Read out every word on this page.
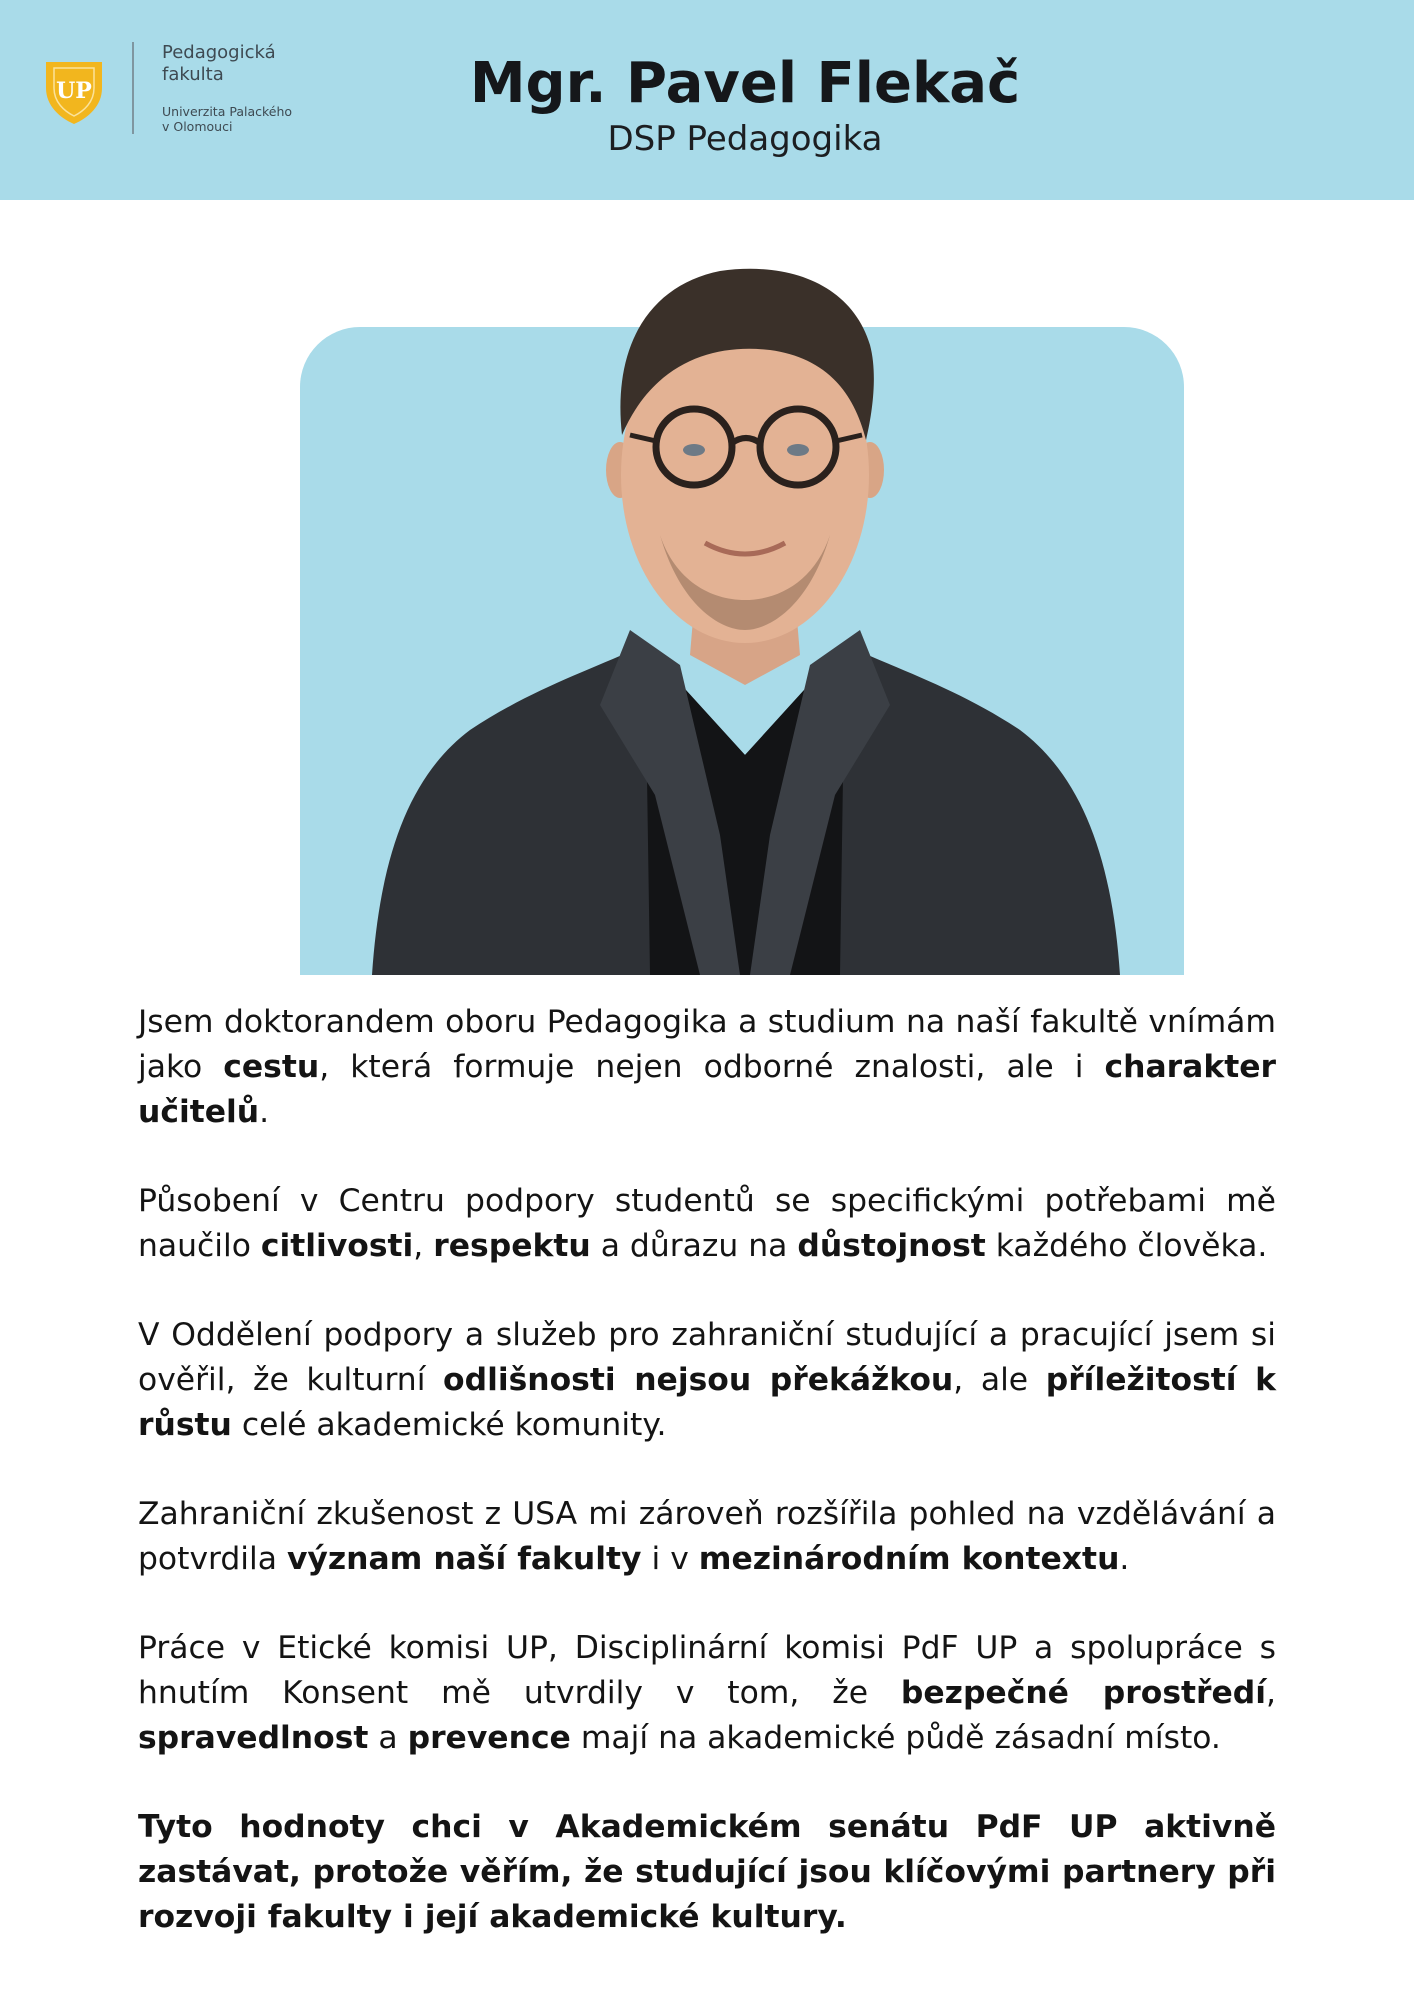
UP
Pedagogická
fakulta
Univerzita Palackého
v Olomouci
Mgr. Pavel Flekač
DSP Pedagogika

Jsem doktorandem oboru Pedagogika a studium na naší fakultě vnímám jako cestu, která formuje nejen odborné znalosti, ale i charakter učitelů.

Působení v Centru podpory studentů se specifickými potřebami mě naučilo citlivosti, respektu a důrazu na důstojnost každého člověka.

V Oddělení podpory a služeb pro zahraniční studující a pracující jsem si ověřil, že kulturní odlišnosti nejsou překážkou, ale příležitostí k růstu celé akademické komunity.

Zahraniční zkušenost z USA mi zároveň rozšířila pohled na vzdělávání a potvrdila význam naší fakulty i v mezinárodním kontextu.

Práce v Etické komisi UP, Disciplinární komisi PdF UP a spolupráce s hnutím Konsent mě utvrdily v tom, že bezpečné prostředí, spravedlnost a prevence mají na akademické půdě zásadní místo.

Tyto hodnoty chci v Akademickém senátu PdF UP aktivně zastávat, protože věřím, že studující jsou klíčovými partnery při rozvoji fakulty i její akademické kultury.
